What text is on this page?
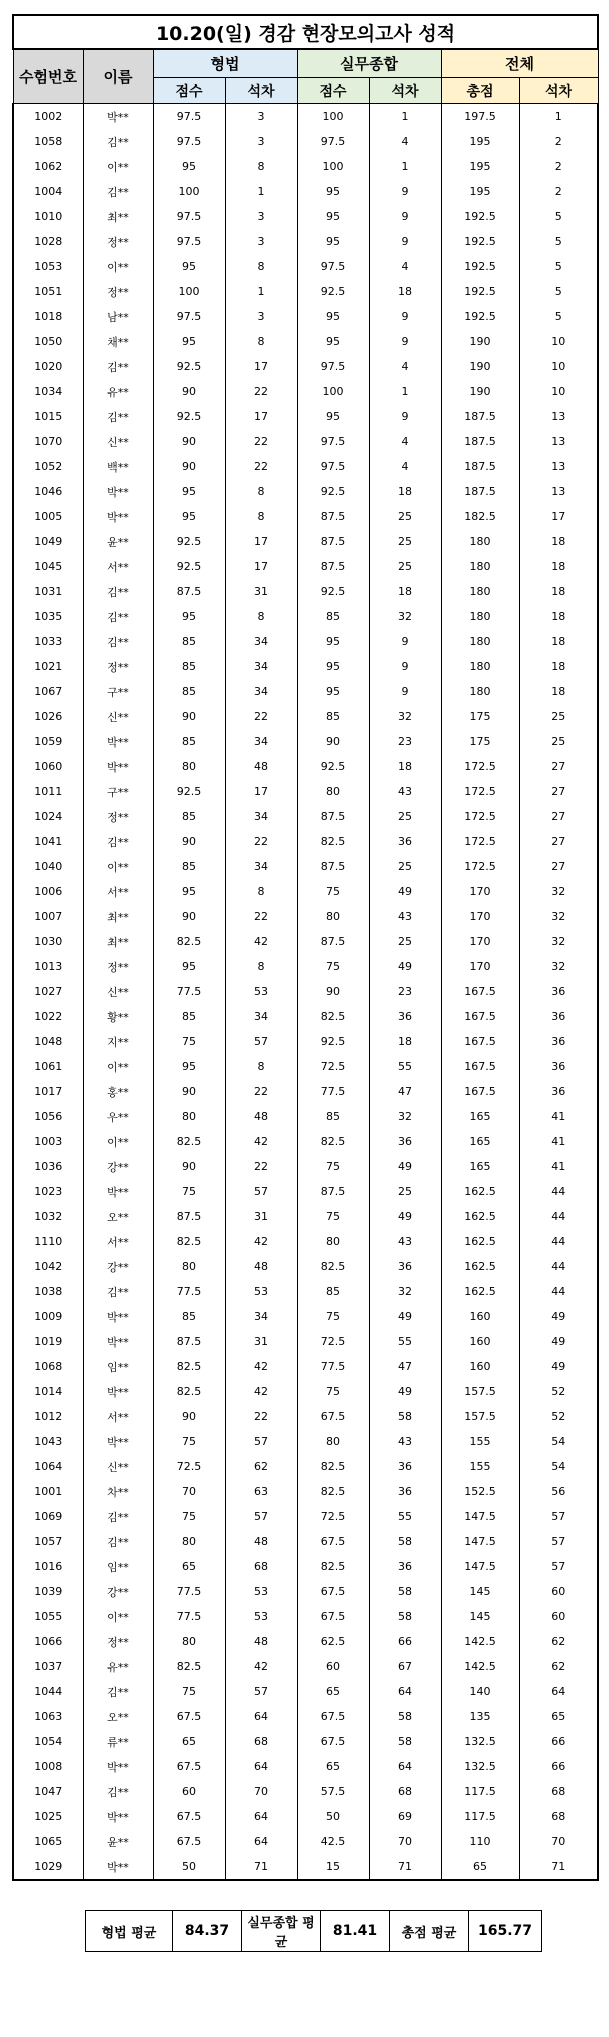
10.20(일) 경감 현장모의고사 성적							
수험번호	이름	형법		실무종합		전체	
		점수	석차	점수	석차	총점	석차
1002	박**	97.5	3	100	1	197.5	1
1058	김**	97.5	3	97.5	4	195	2
1062	이**	95	8	100	1	195	2
1004	김**	100	1	95	9	195	2
1010	최**	97.5	3	95	9	192.5	5
1028	정**	97.5	3	95	9	192.5	5
1053	이**	95	8	97.5	4	192.5	5
1051	정**	100	1	92.5	18	192.5	5
1018	남**	97.5	3	95	9	192.5	5
1050	채**	95	8	95	9	190	10
1020	김**	92.5	17	97.5	4	190	10
1034	유**	90	22	100	1	190	10
1015	김**	92.5	17	95	9	187.5	13
1070	신**	90	22	97.5	4	187.5	13
1052	백**	90	22	97.5	4	187.5	13
1046	박**	95	8	92.5	18	187.5	13
1005	박**	95	8	87.5	25	182.5	17
1049	윤**	92.5	17	87.5	25	180	18
1045	서**	92.5	17	87.5	25	180	18
1031	김**	87.5	31	92.5	18	180	18
1035	김**	95	8	85	32	180	18
1033	김**	85	34	95	9	180	18
1021	정**	85	34	95	9	180	18
1067	구**	85	34	95	9	180	18
1026	신**	90	22	85	32	175	25
1059	박**	85	34	90	23	175	25
1060	박**	80	48	92.5	18	172.5	27
1011	구**	92.5	17	80	43	172.5	27
1024	정**	85	34	87.5	25	172.5	27
1041	김**	90	22	82.5	36	172.5	27
1040	이**	85	34	87.5	25	172.5	27
1006	서**	95	8	75	49	170	32
1007	최**	90	22	80	43	170	32
1030	최**	82.5	42	87.5	25	170	32
1013	정**	95	8	75	49	170	32
1027	신**	77.5	53	90	23	167.5	36
1022	황**	85	34	82.5	36	167.5	36
1048	지**	75	57	92.5	18	167.5	36
1061	이**	95	8	72.5	55	167.5	36
1017	홍**	90	22	77.5	47	167.5	36
1056	우**	80	48	85	32	165	41
1003	이**	82.5	42	82.5	36	165	41
1036	강**	90	22	75	49	165	41
1023	박**	75	57	87.5	25	162.5	44
1032	오**	87.5	31	75	49	162.5	44
1110	서**	82.5	42	80	43	162.5	44
1042	강**	80	48	82.5	36	162.5	44
1038	김**	77.5	53	85	32	162.5	44
1009	박**	85	34	75	49	160	49
1019	박**	87.5	31	72.5	55	160	49
1068	임**	82.5	42	77.5	47	160	49
1014	박**	82.5	42	75	49	157.5	52
1012	서**	90	22	67.5	58	157.5	52
1043	박**	75	57	80	43	155	54
1064	신**	72.5	62	82.5	36	155	54
1001	차**	70	63	82.5	36	152.5	56
1069	김**	75	57	72.5	55	147.5	57
1057	김**	80	48	67.5	58	147.5	57
1016	임**	65	68	82.5	36	147.5	57
1039	강**	77.5	53	67.5	58	145	60
1055	이**	77.5	53	67.5	58	145	60
1066	정**	80	48	62.5	66	142.5	62
1037	유**	82.5	42	60	67	142.5	62
1044	김**	75	57	65	64	140	64
1063	오**	67.5	64	67.5	58	135	65
1054	류**	65	68	67.5	58	132.5	66
1008	박**	67.5	64	65	64	132.5	66
1047	김**	60	70	57.5	68	117.5	68
1025	박**	67.5	64	50	69	117.5	68
1065	윤**	67.5	64	42.5	70	110	70
1029	박**	50	71	15	71	65	71
형법 평균	84.37	실무종합 평균	81.41	총점 평균	165.77
